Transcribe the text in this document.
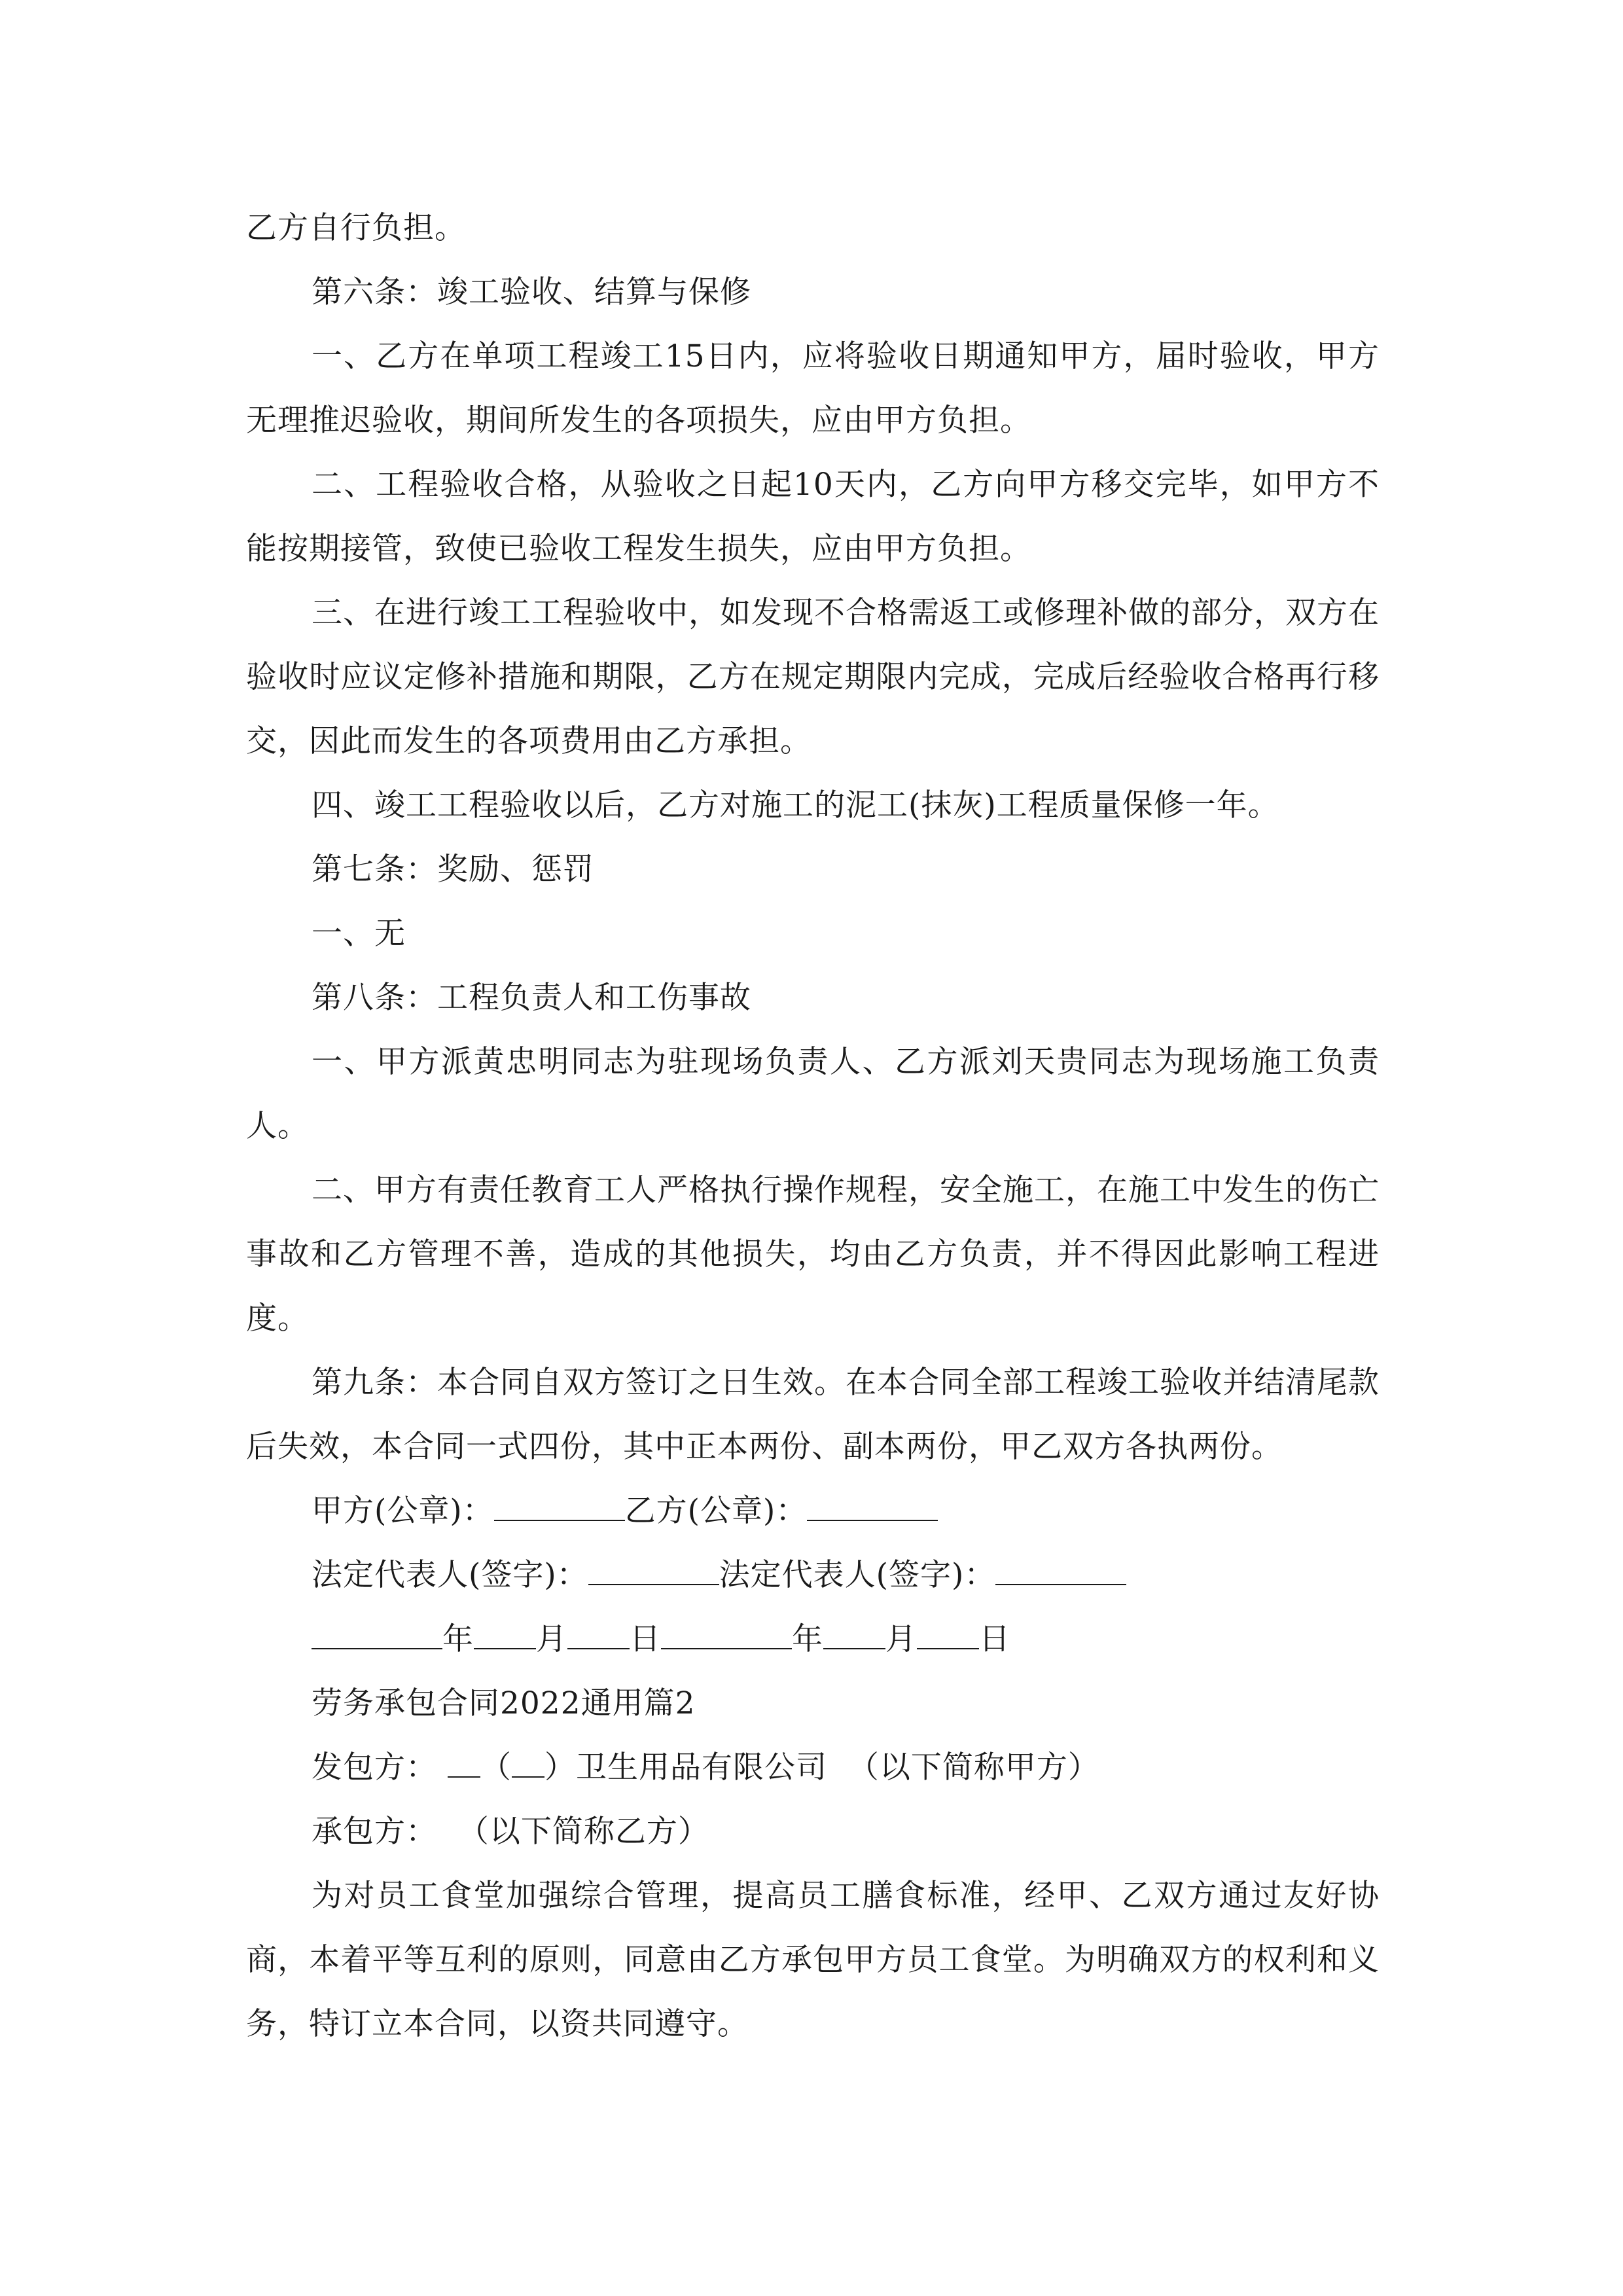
乙方自行负担。

第六条：竣工验收、结算与保修

一、乙方在单项工程竣工15日内，应将验收日期通知甲方，届时验收，甲方无理推迟验收，期间所发生的各项损失，应由甲方负担。

二、工程验收合格，从验收之日起10天内，乙方向甲方移交完毕，如甲方不能按期接管，致使已验收工程发生损失，应由甲方负担。

三、在进行竣工工程验收中，如发现不合格需返工或修理补做的部分，双方在验收时应议定修补措施和期限，乙方在规定期限内完成，完成后经验收合格再行移交，因此而发生的各项费用由乙方承担。

四、竣工工程验收以后，乙方对施工的泥工(抹灰)工程质量保修一年。

第七条：奖励、惩罚

一、无

第八条：工程负责人和工伤事故

一、甲方派黄忠明同志为驻现场负责人、乙方派刘天贵同志为现场施工负责人。

二、甲方有责任教育工人严格执行操作规程，安全施工，在施工中发生的伤亡事故和乙方管理不善，造成的其他损失，均由乙方负责，并不得因此影响工程进度。

第九条：本合同自双方签订之日生效。在本合同全部工程竣工验收并结清尾款后失效，本合同一式四份，其中正本两份、副本两份，甲乙双方各执两份。

甲方(公章)：	乙方(公章)：

法定代表人(签字)：	法定代表人(签字)：

年 月 日	年 月 日

劳务承包合同2022通用篇2

发包方： （ ）卫生用品有限公司 （以下简称甲方）

承包方： （以下简称乙方）

为对员工食堂加强综合管理，提高员工膳食标准，经甲、乙双方通过友好协商，本着平等互利的原则，同意由乙方承包甲方员工食堂。为明确双方的权利和义务，特订立本合同，以资共同遵守。
